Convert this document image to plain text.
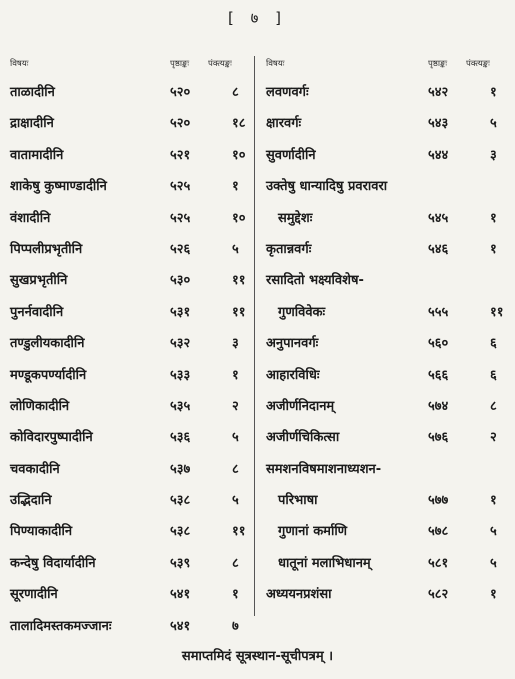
[ ७ ]
विषयः	पृष्ठाङ्कः पंक्त्यङ्कः
ताळादीनि	५२०	८
द्राक्षादीनि	५२०	१८
वातामादीनि	५२१	१०
शाकेषु कुष्माण्डादीनि	५२५	१
वंशादीनि	५२५	१०
पिप्पलीप्रभृतीनि	५२६	५
सुखप्रभृतीनि	५३०	११
पुनर्नवादीनि	५३१	११
तण्डुलीयकादीनि	५३२	३
मण्डूकपर्ण्यादीनि	५३३	१
लोणिकादीनि	५३५	२
कोविदारपुष्पादीनि	५३६	५
चवकादीनि	५३७	८
उद्भिदानि	५३८	५
पिण्याकादीनि	५३८	११
कन्देषु विदार्यादीनि	५३९	८
सूरणादीनि	५४१	१
तालादिमस्तकमज्जानः	५४१	७
विषयः	पृष्ठाङ्कः पंक्त्यङ्कः
लवणवर्गः	५४२	१
क्षारवर्गः	५४३	५
सुवर्णादीनि	५४४	३
उक्तेषु धान्यादिषु प्रवरावरा
समुद्देशः	५४५	१
कृतान्नवर्गः	५४६	१
रसादितो भक्ष्यविशेष-
गुणविवेकः	५५५	११
अनुपानवर्गः	५६०	६
आहारविधिः	५६६	६
अजीर्णनिदानम्	५७४	८
अजीर्णचिकित्सा	५७६	२
समशनविषमाशनाध्यशन-
परिभाषा	५७७	१
गुणानां कर्माणि	५७८	५
धातूनां मलाभिधानम्	५८१	५
अध्ययनप्रशंसा	५८२	१
समाप्तमिदं सूत्रस्थान-सूचीपत्रम् ।
